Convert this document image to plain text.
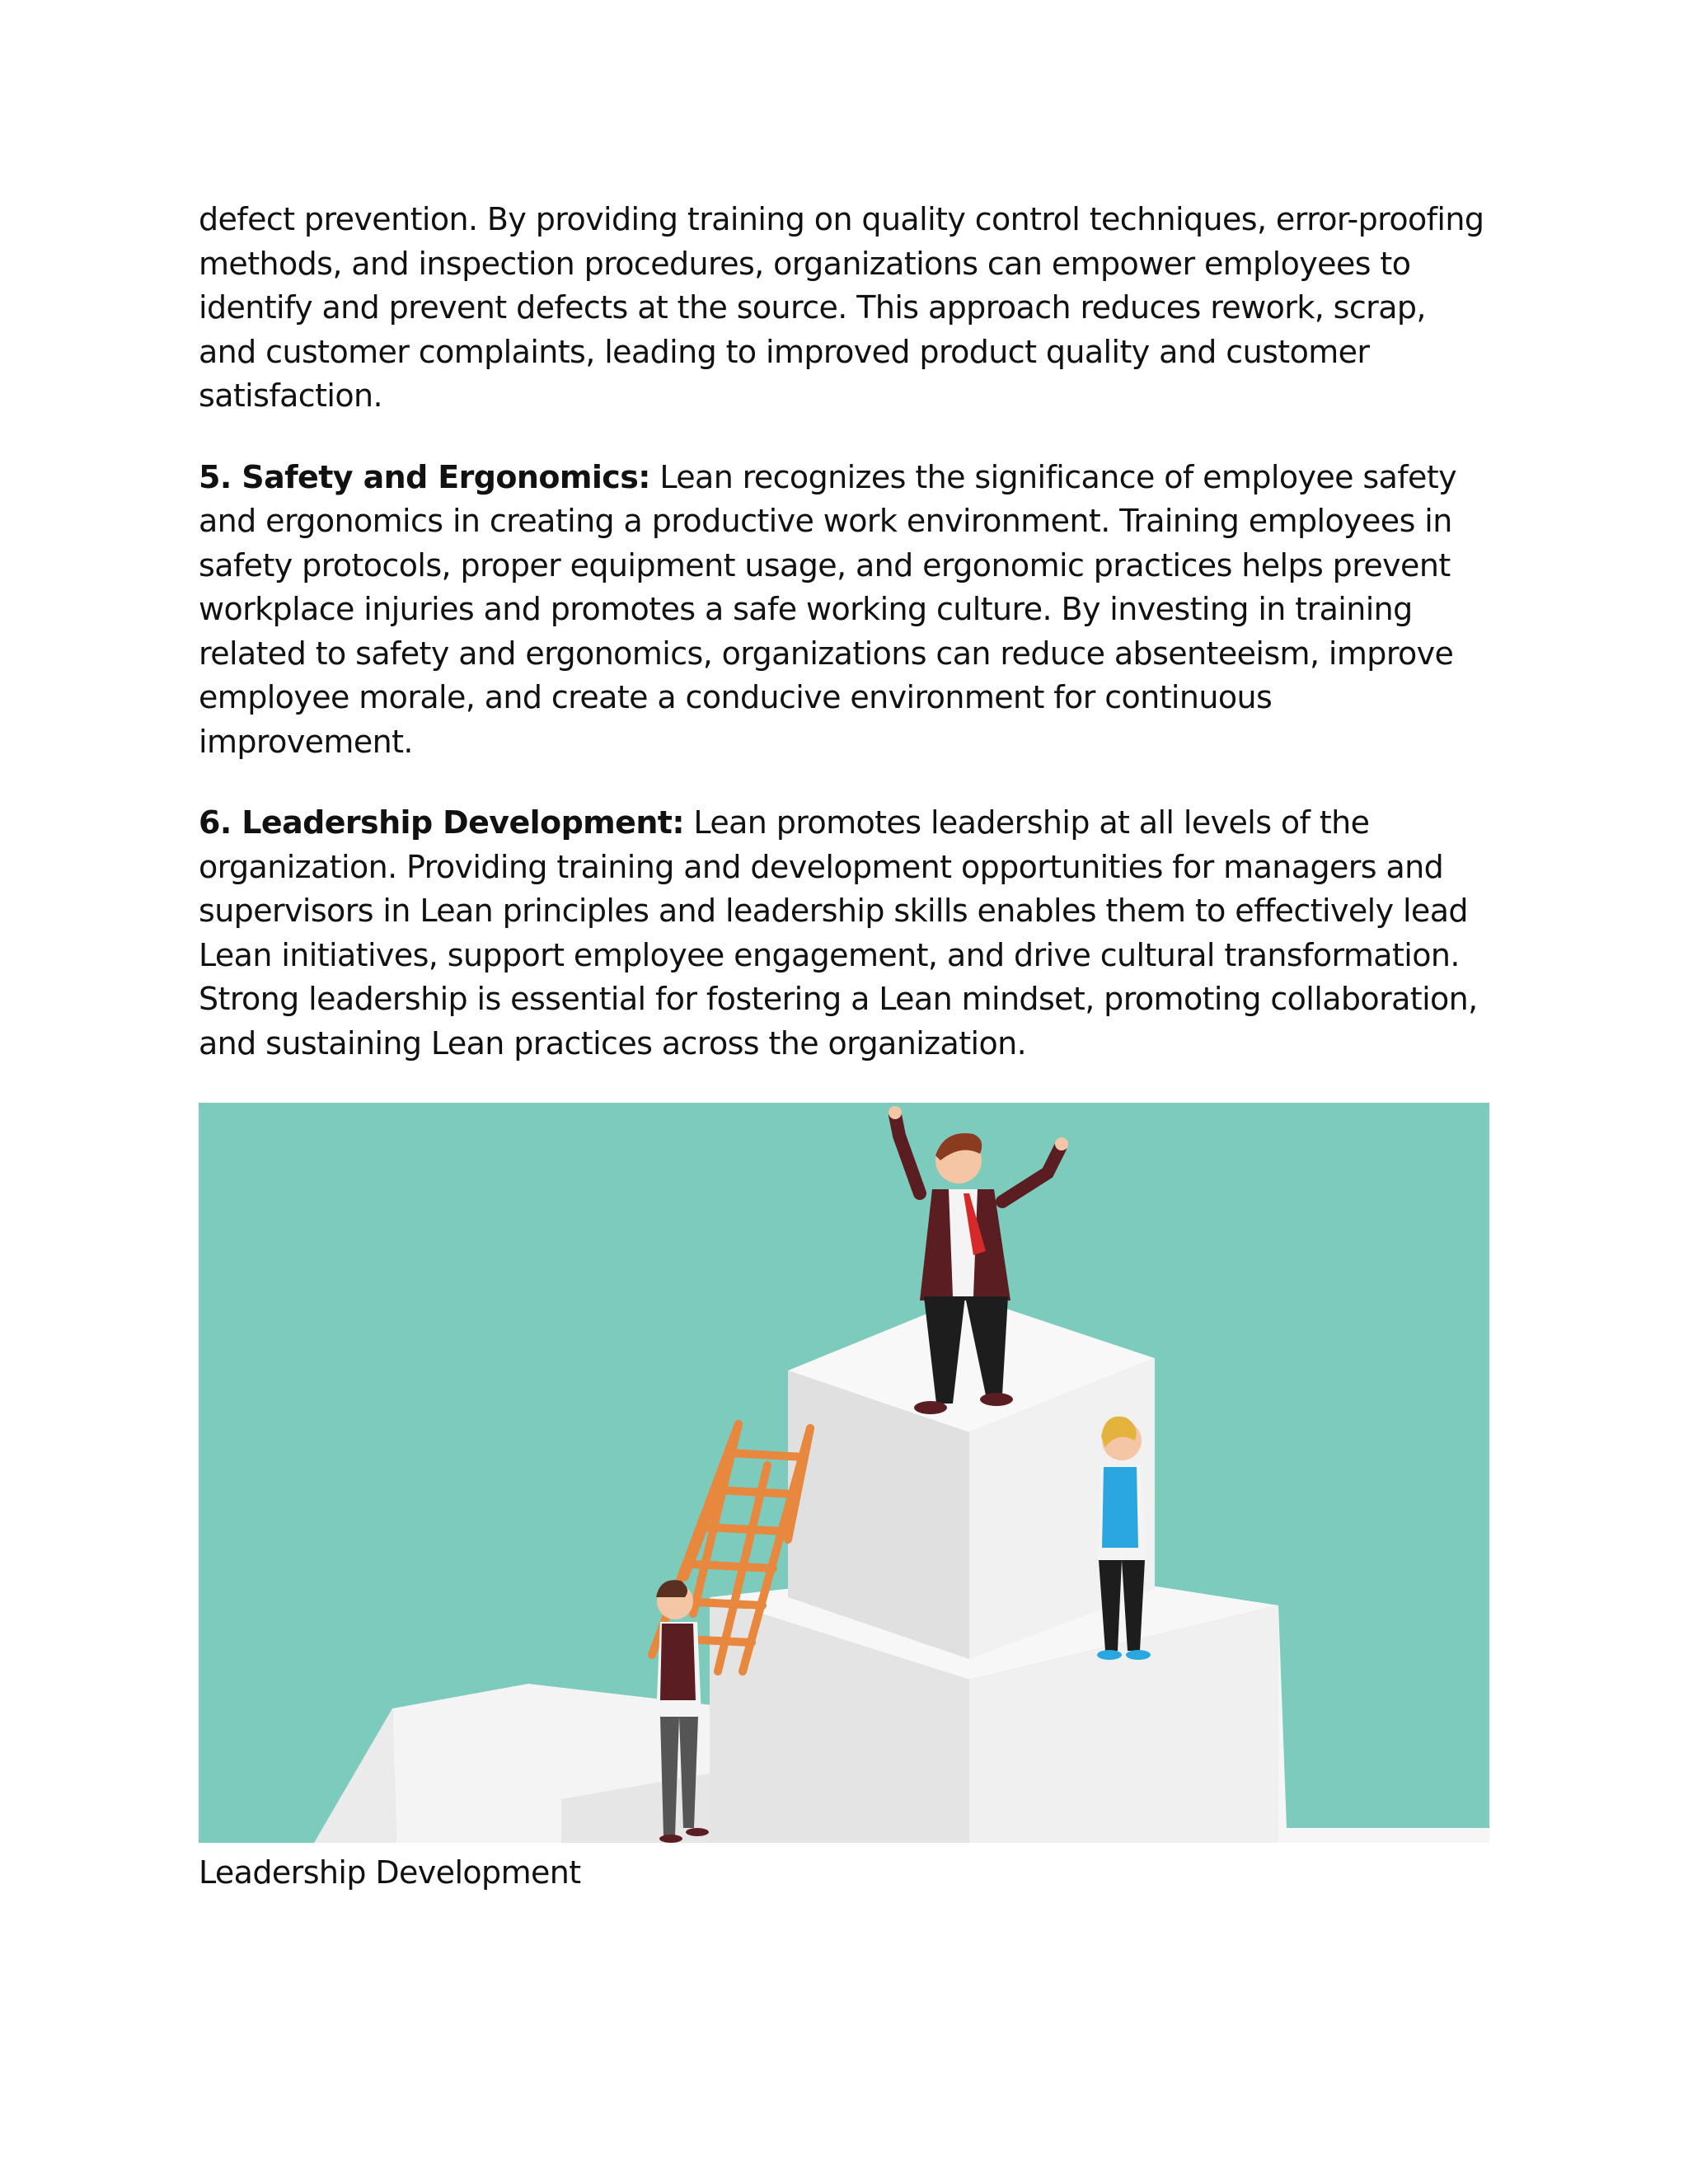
defect prevention. By providing training on quality control techniques, error-proofing methods, and inspection procedures, organizations can empower employees to identify and prevent defects at the source. This approach reduces rework, scrap, and customer complaints, leading to improved product quality and customer satisfaction.

5. Safety and Ergonomics: Lean recognizes the significance of employee safety and ergonomics in creating a productive work environment. Training employees in safety protocols, proper equipment usage, and ergonomic practices helps prevent workplace injuries and promotes a safe working culture. By investing in training related to safety and ergonomics, organizations can reduce absenteeism, improve employee morale, and create a conducive environment for continuous improvement.

6. Leadership Development: Lean promotes leadership at all levels of the organization. Providing training and development opportunities for managers and supervisors in Lean principles and leadership skills enables them to effectively lead Lean initiatives, support employee engagement, and drive cultural transformation. Strong leadership is essential for fostering a Lean mindset, promoting collaboration, and sustaining Lean practices across the organization.

Leadership Development
